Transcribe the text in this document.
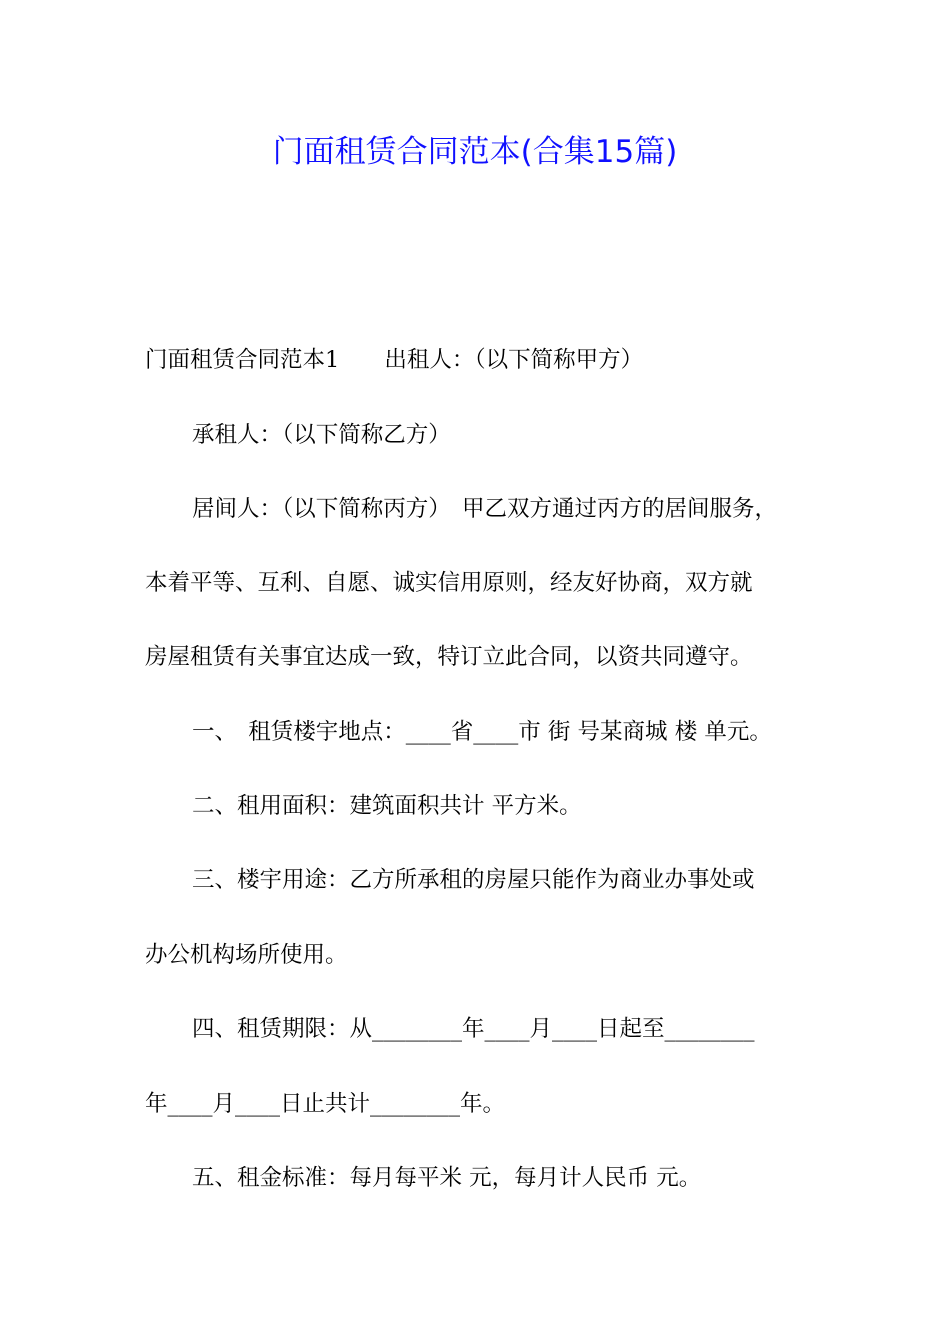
门面租赁合同范本(合集15篇)
门面租赁合同范本1　　出租人：（以下简称甲方）
承租人：（以下简称乙方）
居间人：（以下简称丙方）　甲乙双方通过丙方的居间服务，
本着平等、互利、自愿、诚实信用原则，经友好协商，双方就
房屋租赁有关事宜达成一致，特订立此合同，以资共同遵守。
一、　租赁楼宇地点：____省____市 街 号某商城 楼 单元。
二、租用面积：建筑面积共计 平方米。
三、楼宇用途：乙方所承租的房屋只能作为商业办事处或
办公机构场所使用。
四、租赁期限：从________年____月____日起至________
年____月____日止共计________年。
五、租金标准：每月每平米 元，每月计人民币 元。
